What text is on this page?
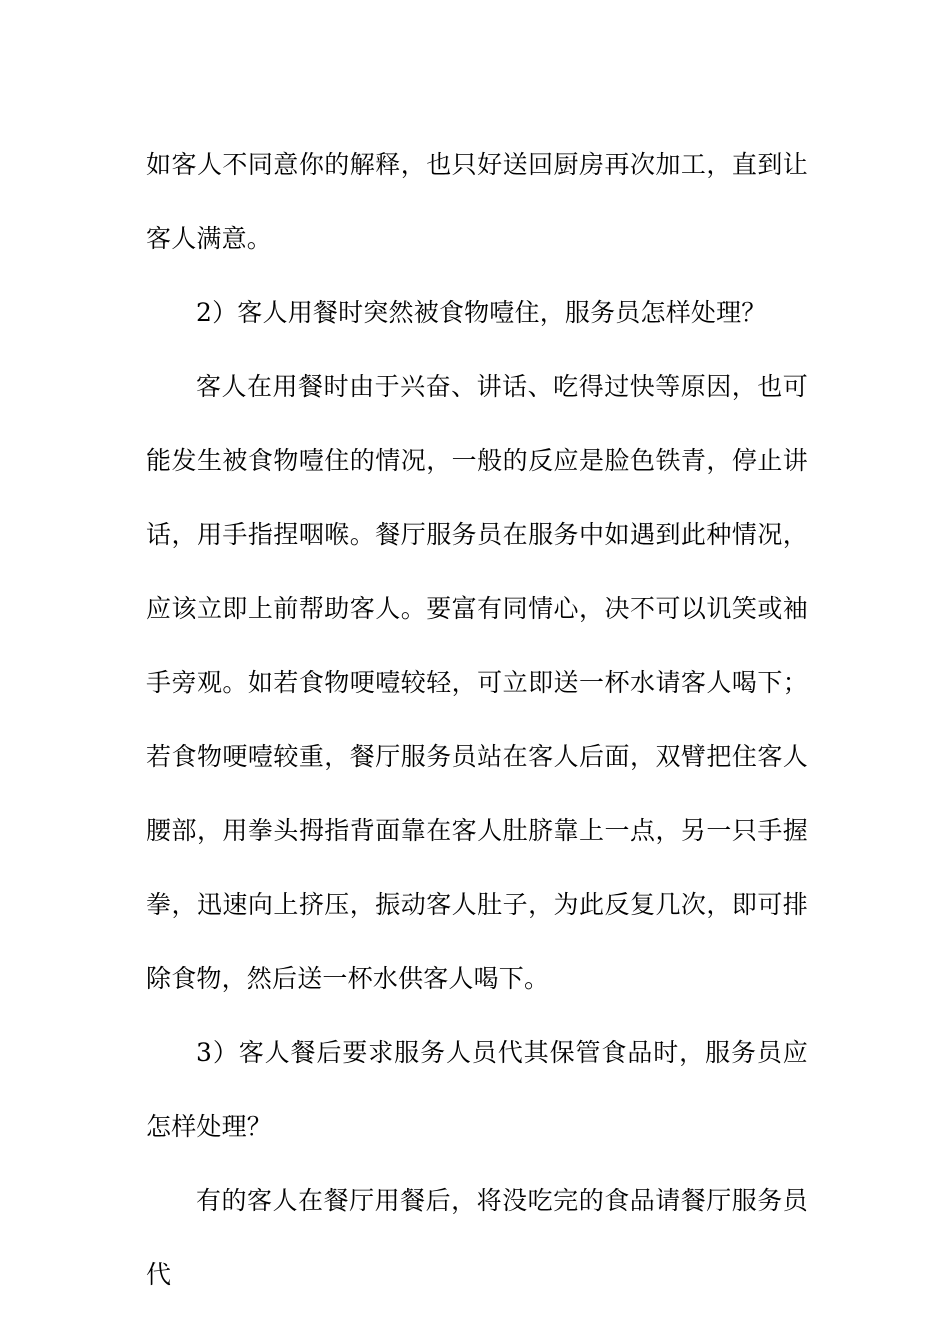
如客人不同意你的解释，也只好送回厨房再次加工，直到让客人满意。

2）客人用餐时突然被食物噎住，服务员怎样处理？

客人在用餐时由于兴奋、讲话、吃得过快等原因，也可能发生被食物噎住的情况，一般的反应是脸色铁青，停止讲话，用手指捏咽喉。餐厅服务员在服务中如遇到此种情况，应该立即上前帮助客人。要富有同情心，决不可以讥笑或袖手旁观。如若食物哽噎较轻，可立即送一杯水请客人喝下；若食物哽噎较重，餐厅服务员站在客人后面，双臂把住客人腰部，用拳头拇指背面靠在客人肚脐靠上一点，另一只手握拳，迅速向上挤压，振动客人肚子，为此反复几次，即可排除食物，然后送一杯水供客人喝下。

3）客人餐后要求服务人员代其保管食品时，服务员应怎样处理？

有的客人在餐厅用餐后，将没吃完的食品请餐厅服务员代
